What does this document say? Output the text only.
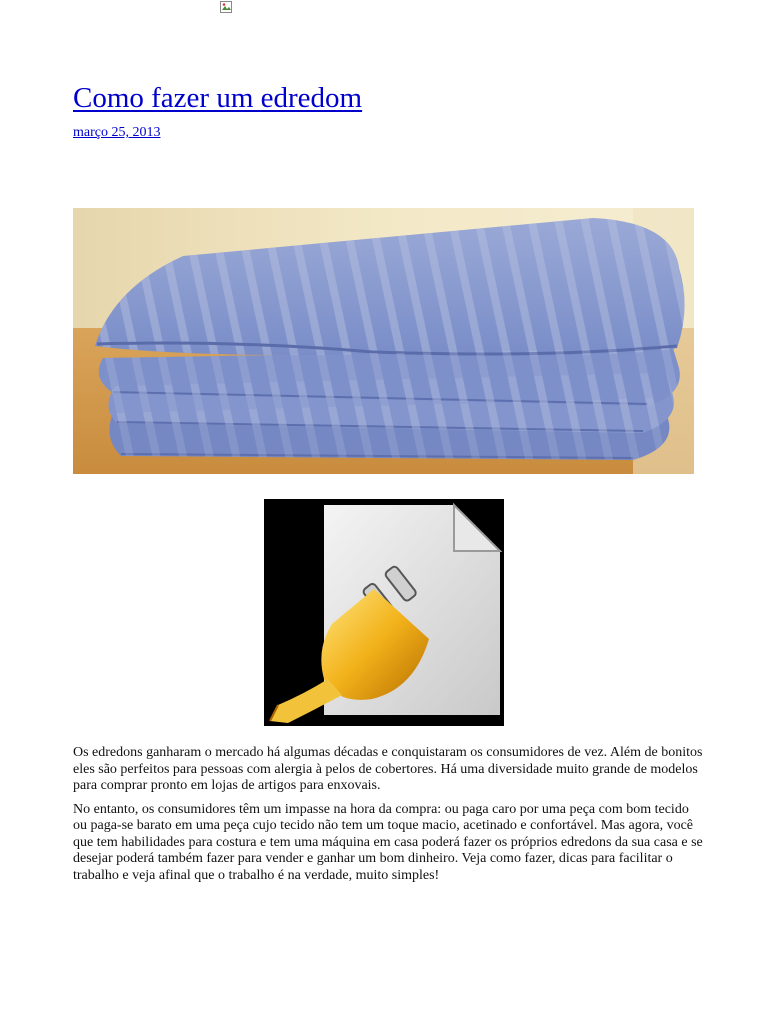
Como fazer um edredom
março 25, 2013

Os edredons ganharam o mercado há algumas décadas e conquistaram os consumidores de vez. Além de bonitos eles são perfeitos para pessoas com alergia à pelos de cobertores. Há uma diversidade muito grande de modelos para comprar pronto em lojas de artigos para enxovais.

No entanto, os consumidores têm um impasse na hora da compra: ou paga caro por uma peça com bom tecido ou paga-se barato em uma peça cujo tecido não tem um toque macio, acetinado e confortável. Mas agora, você que tem habilidades para costura e tem uma máquina em casa poderá fazer os próprios edredons da sua casa e se desejar poderá também fazer para vender e ganhar um bom dinheiro. Veja como fazer, dicas para facilitar o trabalho e veja afinal que o trabalho é na verdade, muito simples!
